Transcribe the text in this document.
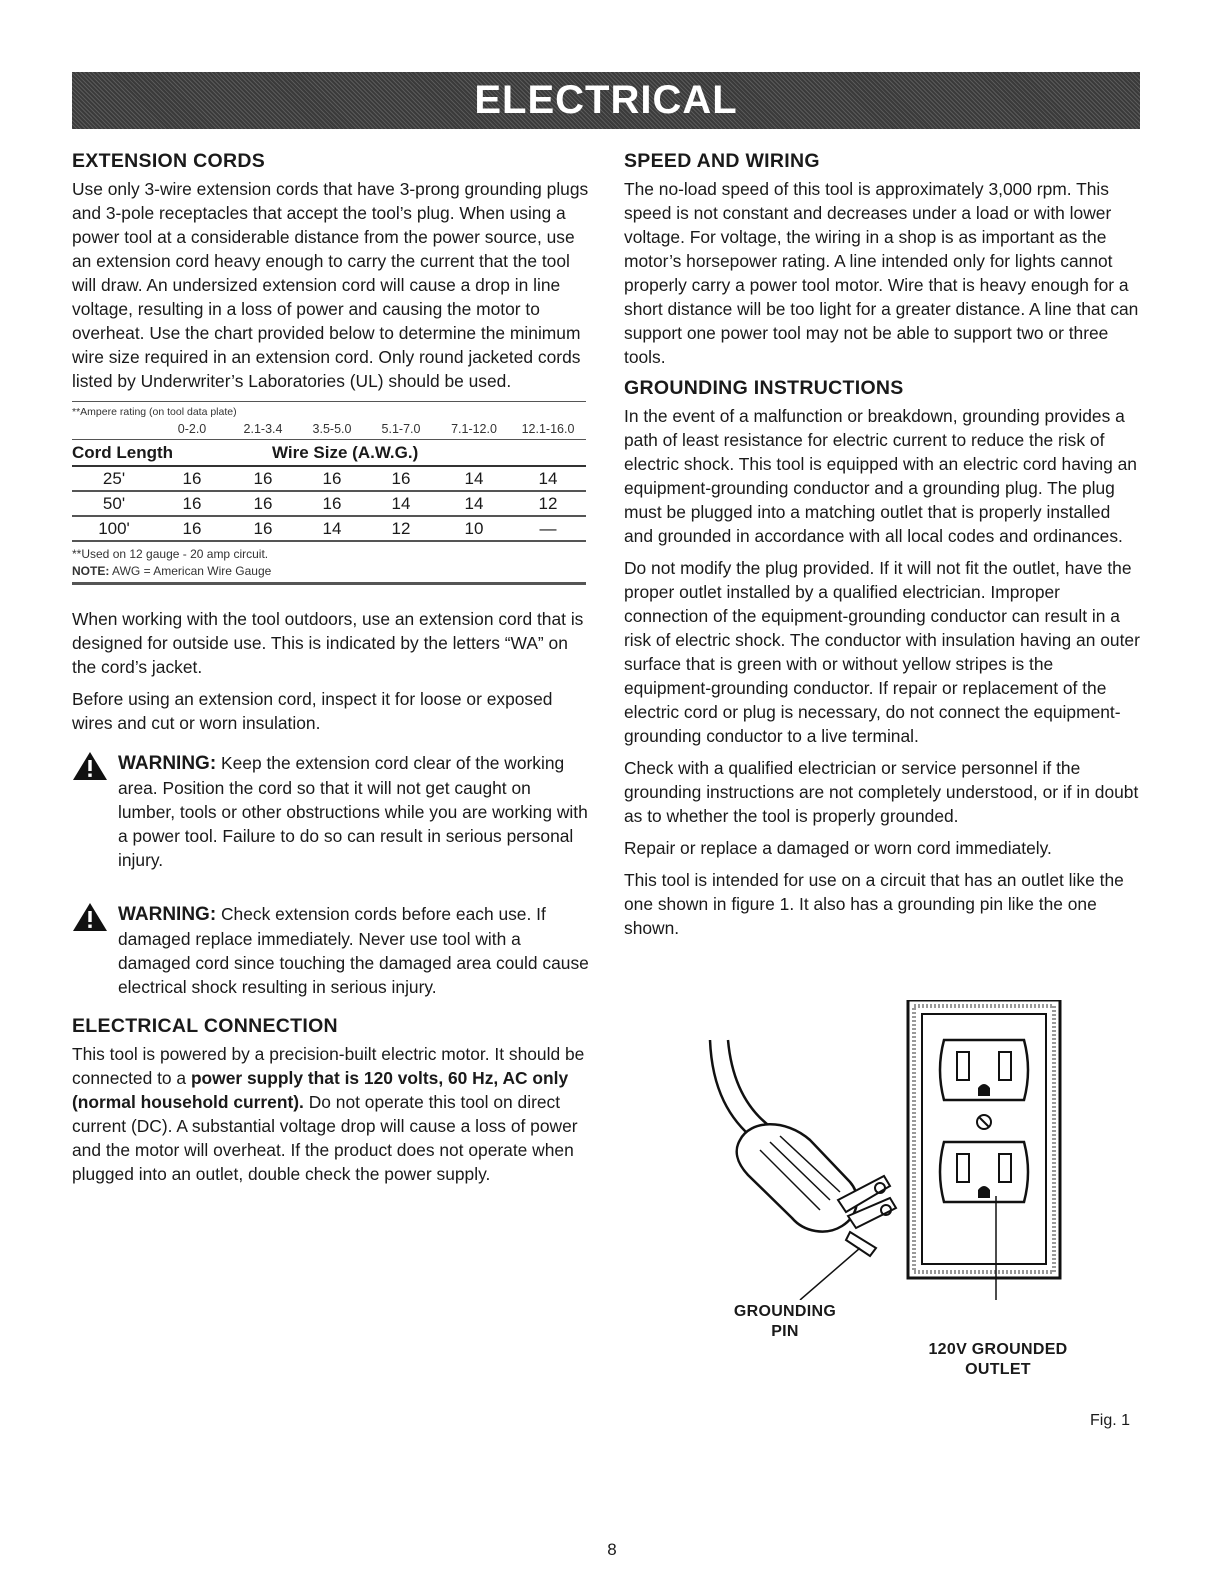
ELECTRICAL
EXTENSION CORDS

Use only 3-wire extension cords that have 3-prong grounding plugs and 3-pole receptacles that accept the tool’s plug. When using a power tool at a considerable distance from the power source, use an extension cord heavy enough to carry the current that the tool will draw. An undersized extension cord will cause a drop in line voltage, resulting in a loss of power and causing the motor to overheat. Use the chart provided below to determine the minimum wire size required in an extension cord. Only round jacketed cords listed by Underwriter’s Laboratories (UL) should be used.

**Ampere rating (on tool data plate)
0-2.0	2.1-3.4	3.5-5.0	5.1-7.0	7.1-12.0	12.1-16.0
Cord Length	Wire Size (A.W.G.)
25'	16	16	16	16	14	14
50'	16	16	16	14	14	12
100'	16	16	14	12	10	—
**Used on 12 gauge - 20 amp circuit.
NOTE: AWG = American Wire Gauge

When working with the tool outdoors, use an extension cord that is designed for outside use. This is indicated by the letters “WA” on the cord’s jacket.

Before using an extension cord, inspect it for loose or exposed wires and cut or worn insulation.

WARNING: Keep the extension cord clear of the working area. Position the cord so that it will not get caught on lumber, tools or other obstructions while you are working with a power tool. Failure to do so can result in serious personal injury.

WARNING: Check extension cords before each use. If damaged replace immediately. Never use tool with a damaged cord since touching the damaged area could cause electrical shock resulting in serious injury.

ELECTRICAL CONNECTION

This tool is powered by a precision-built electric motor. It should be connected to a power supply that is 120 volts, 60 Hz, AC only (normal household current). Do not operate this tool on direct current (DC). A substantial voltage drop will cause a loss of power and the motor will overheat. If the product does not operate when plugged into an outlet, double check the power supply.

SPEED AND WIRING

The no-load speed of this tool is approximately 3,000 rpm. This speed is not constant and decreases under a load or with lower voltage. For voltage, the wiring in a shop is as important as the motor’s horsepower rating. A line intended only for lights cannot properly carry a power tool motor. Wire that is heavy enough for a short distance will be too light for a greater distance. A line that can support one power tool may not be able to support two or three tools.

GROUNDING INSTRUCTIONS

In the event of a malfunction or breakdown, grounding provides a path of least resistance for electric current to reduce the risk of electric shock. This tool is equipped with an electric cord having an equipment-grounding conductor and a grounding plug. The plug must be plugged into a matching outlet that is properly installed and grounded in accordance with all local codes and ordinances.

Do not modify the plug provided. If it will not fit the outlet, have the proper outlet installed by a qualified electrician. Improper connection of the equipment-grounding conductor can result in a risk of electric shock. The conductor with insulation having an outer surface that is green with or without yellow stripes is the equipment-grounding conductor. If repair or replacement of the electric cord or plug is necessary, do not connect the equipment-grounding conductor to a live terminal.

Check with a qualified electrician or service personnel if the grounding instructions are not completely understood, or if in doubt as to whether the tool is properly grounded.

Repair or replace a damaged or worn cord immediately.

This tool is intended for use on a circuit that has an outlet like the one shown in figure 1. It also has a grounding pin like the one shown.

GROUNDING
PIN
120V GROUNDED
OUTLET
Fig. 1
8
